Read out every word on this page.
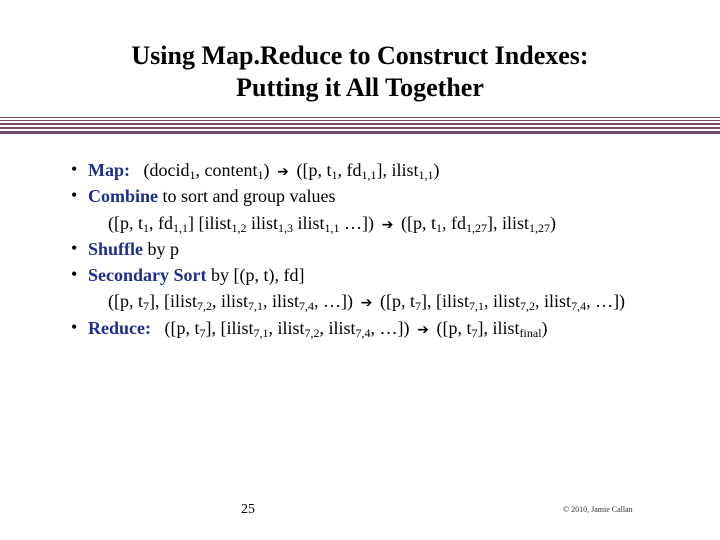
Using Map.Reduce to Construct Indexes:
Putting it All Together
• Map: (docid$_1$, content$_1$) ➔ ([p, $t_1$, $fd_{1,1}$], ilist$_{1,1}$)
• Combine to sort and group values
([p, $t_1$, $fd_{1,1}$] [ilist$_{1,2}$ ilist$_{1,3}$ ilist$_{1,1}$ …]) ➔ ([p, $t_1$, $fd_{1,27}$], ilist$_{1,27}$)
• Shuffle by p
• Secondary Sort by [(p, t), fd]
([p, $t_7$], [ilist$_{7,2}$, ilist$_{7,1}$, ilist$_{7,4}$, …]) ➔ ([p, $t_7$], [ilist$_{7,1}$, ilist$_{7,2}$, ilist$_{7,4}$, …])
• Reduce: ([p, $t_7$], [ilist$_{7,1}$, ilist$_{7,2}$, ilist$_{7,4}$, …]) ➔ ([p, $t_7$], ilist$_{final}$)
25	© 2010, Jamie Callan
